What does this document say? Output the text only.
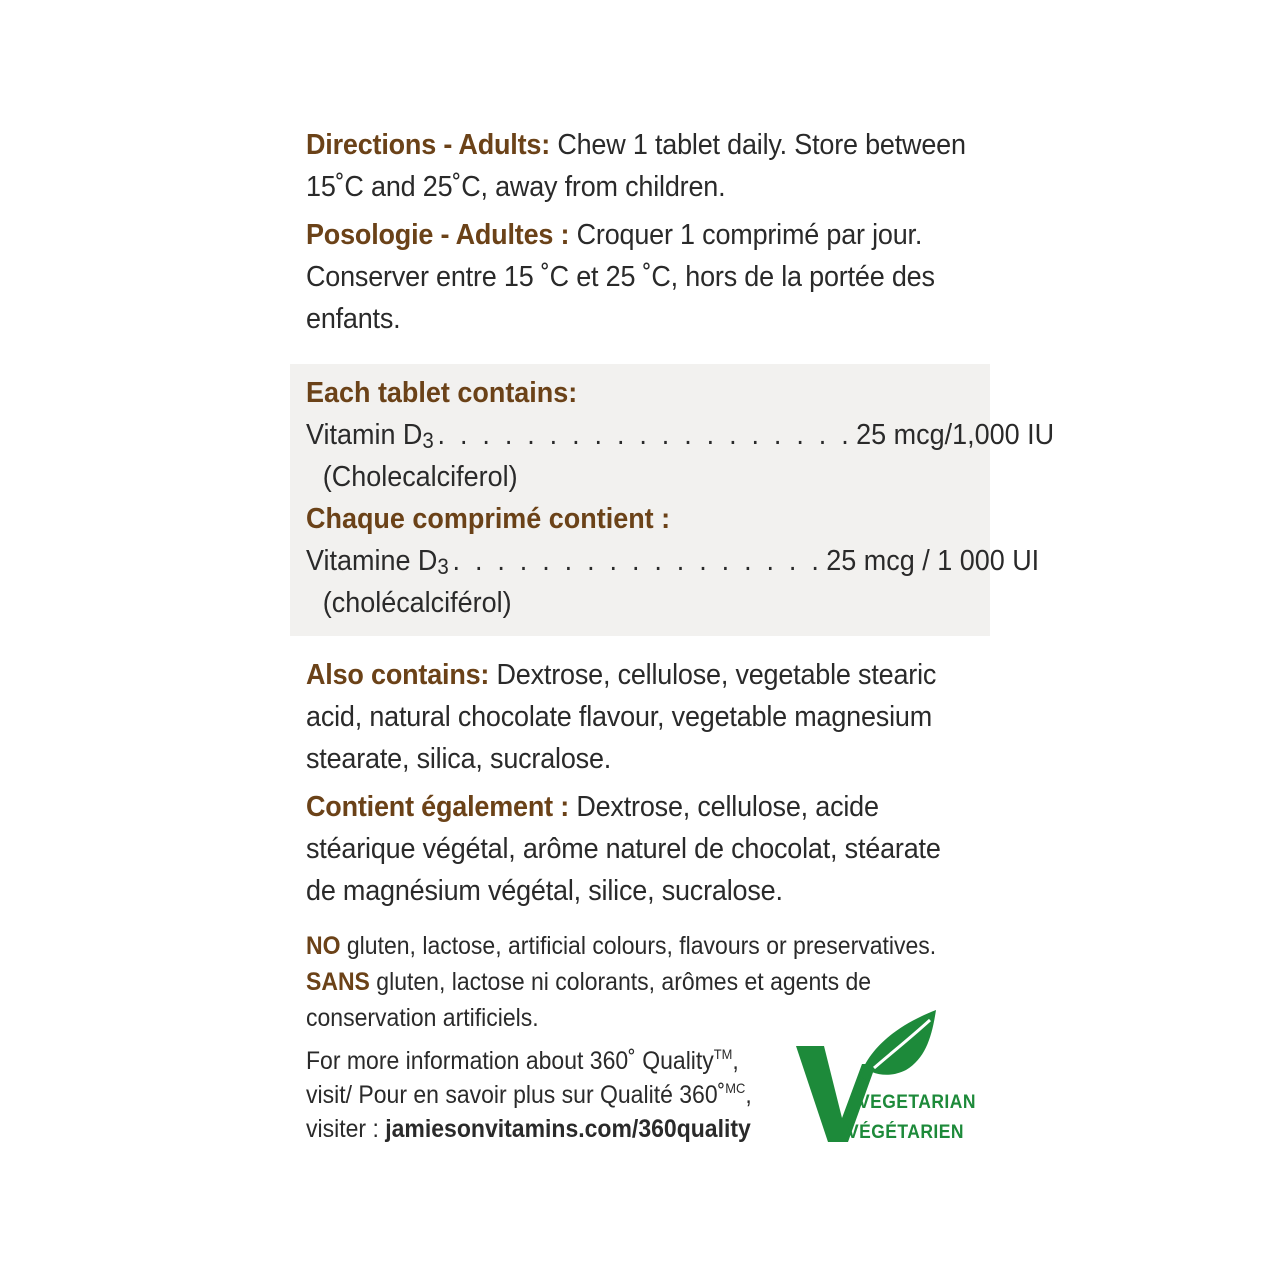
Directions - Adults: Chew 1 tablet daily. Store between 15˚C and 25˚C, away from children.
Posologie - Adultes : Croquer 1 comprimé par jour. Conserver entre 15 ˚C et 25 ˚C, hors de la portée des enfants.
Each tablet contains:
Vitamin $D_3$ . . . . . . . . . . . . . . . . . . . 25 mcg/1,000 IU
(Cholecalciferol)
Chaque comprimé contient :
Vitamine $D_3$ . . . . . . . . . . . . . . . . . 25 mcg / 1 000 UI
(cholécalciférol)
Also contains: Dextrose, cellulose, vegetable stearic acid, natural chocolate flavour, vegetable magnesium stearate, silica, sucralose.
Contient également : Dextrose, cellulose, acide stéarique végétal, arôme naturel de chocolat, stéarate de magnésium végétal, silice, sucralose.
NO gluten, lactose, artificial colours, flavours or preservatives.
SANS gluten, lactose ni colorants, arômes et agents de conservation artificiels.
For more information about 360˚ Quality™,
visit/ Pour en savoir plus sur Qualité 360˚$^{MC}$,
visiter : jamiesonvitamins.com/360quality
VEGETARIAN
VÉGÉTARIEN
